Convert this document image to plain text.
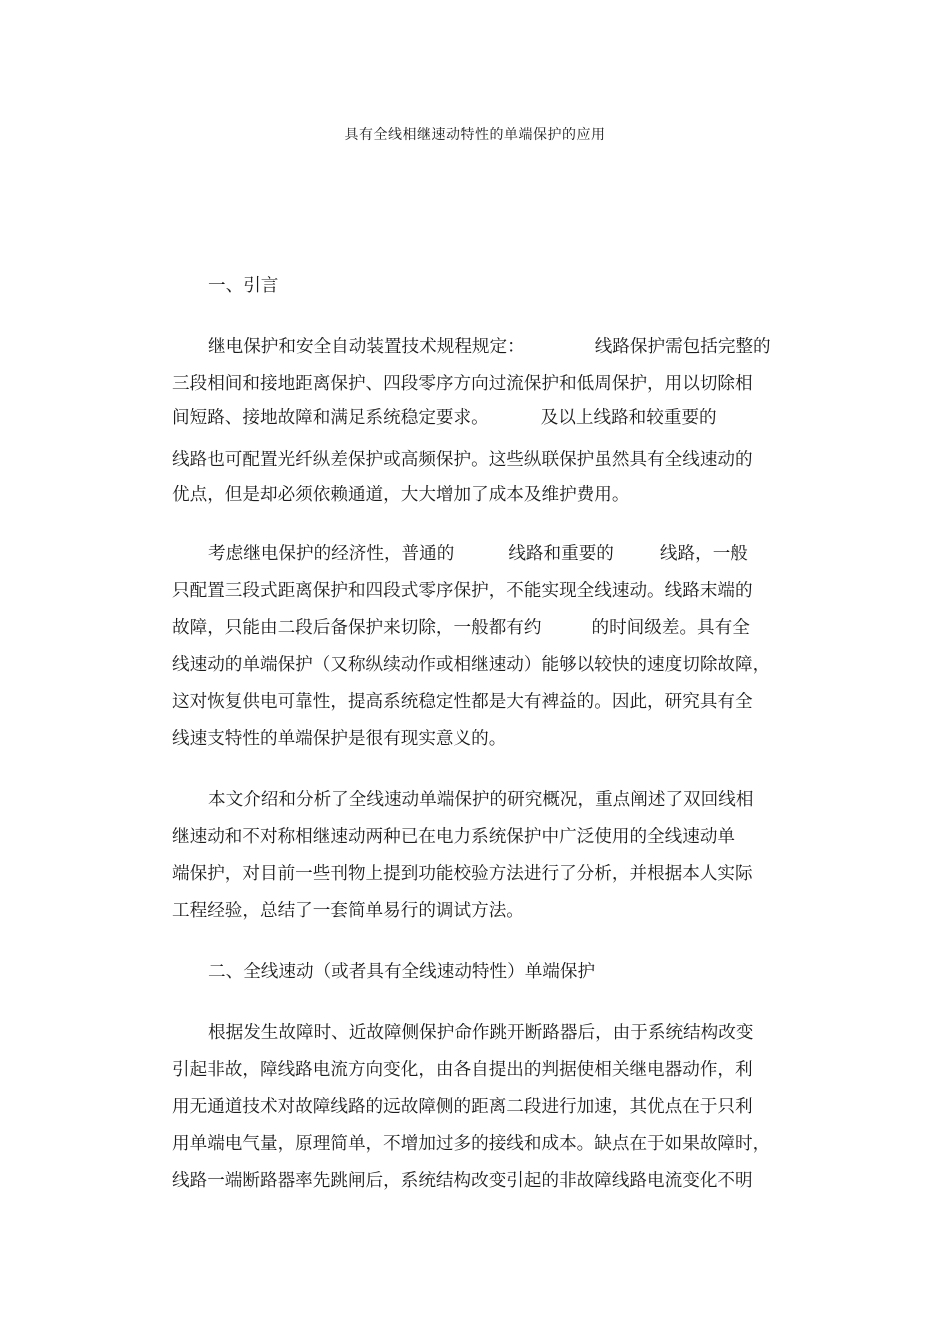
具有全线相继速动特性的单端保护的应用
一、引言
继电保护和安全自动装置技术规程规定：	线路保护需包括完整的
三段相间和接地距离保护、四段零序方向过流保护和低周保护，用以切除相
间短路、接地故障和满足系统稳定要求。	及以上线路和较重要的
线路也可配置光纤纵差保护或高频保护。这些纵联保护虽然具有全线速动的
优点，但是却必须依赖通道，大大增加了成本及维护费用。
考虑继电保护的经济性，普通的	线路和重要的	线路，一般
只配置三段式距离保护和四段式零序保护，不能实现全线速动。线路末端的
故障，只能由二段后备保护来切除，一般都有约	的时间级差。具有全
线速动的单端保护（又称纵续动作或相继速动）能够以较快的速度切除故障，
这对恢复供电可靠性，提高系统稳定性都是大有裨益的。因此，研究具有全
线速支特性的单端保护是很有现实意义的。
本文介绍和分析了全线速动单端保护的研究概况，重点阐述了双回线相
继速动和不对称相继速动两种已在电力系统保护中广泛使用的全线速动单
端保护，对目前一些刊物上提到功能校验方法进行了分析，并根据本人实际
工程经验，总结了一套简单易行的调试方法。
二、全线速动（或者具有全线速动特性）单端保护
根据发生故障时、近故障侧保护命作跳开断路器后，由于系统结构改变
引起非故，障线路电流方向变化，由各自提出的判据使相关继电器动作，利
用无通道技术对故障线路的远故障侧的距离二段进行加速，其优点在于只利
用单端电气量，原理简单，不增加过多的接线和成本。缺点在于如果故障时，
线路一端断路器率先跳闸后，系统结构改变引起的非故障线路电流变化不明
